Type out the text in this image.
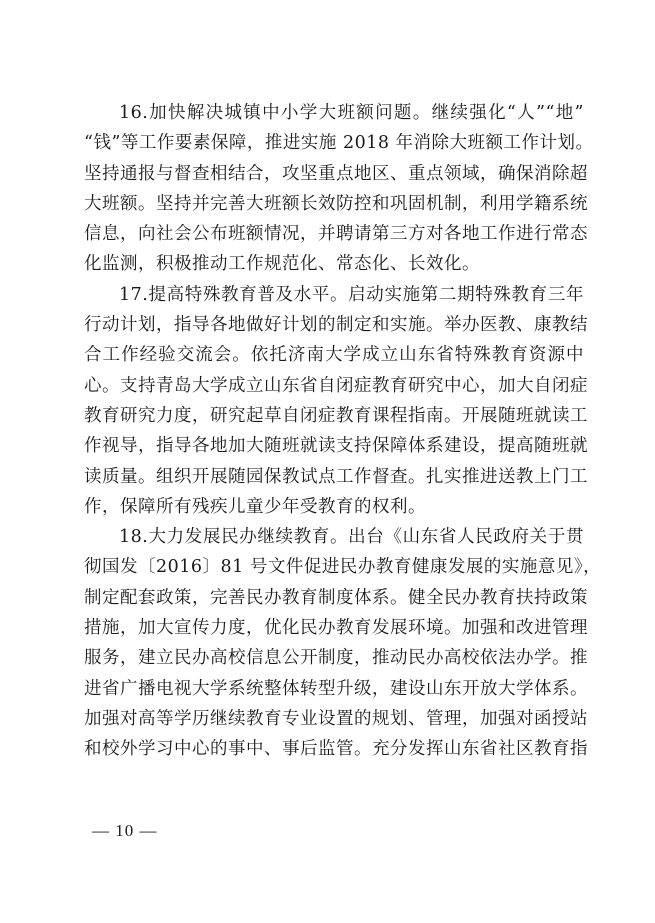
16.加快解决城镇中小学大班额问题。继续强化“人”“地”
“钱”等工作要素保障，推进实施 2018 年消除大班额工作计划。
坚持通报与督查相结合，攻坚重点地区、重点领域，确保消除超
大班额。坚持并完善大班额长效防控和巩固机制，利用学籍系统
信息，向社会公布班额情况，并聘请第三方对各地工作进行常态
化监测，积极推动工作规范化、常态化、长效化。
17.提高特殊教育普及水平。启动实施第二期特殊教育三年
行动计划，指导各地做好计划的制定和实施。举办医教、康教结
合工作经验交流会。依托济南大学成立山东省特殊教育资源中
心。支持青岛大学成立山东省自闭症教育研究中心，加大自闭症
教育研究力度，研究起草自闭症教育课程指南。开展随班就读工
作视导，指导各地加大随班就读支持保障体系建设，提高随班就
读质量。组织开展随园保教试点工作督查。扎实推进送教上门工
作，保障所有残疾儿童少年受教育的权利。
18.大力发展民办继续教育。出台《山东省人民政府关于贯
彻国发〔2016〕81 号文件促进民办教育健康发展的实施意见》，
制定配套政策，完善民办教育制度体系。健全民办教育扶持政策
措施，加大宣传力度，优化民办教育发展环境。加强和改进管理
服务，建立民办高校信息公开制度，推动民办高校依法办学。推
进省广播电视大学系统整体转型升级，建设山东开放大学体系。
加强对高等学历继续教育专业设置的规划、管理，加强对函授站
和校外学习中心的事中、事后监管。充分发挥山东省社区教育指
— 10 —
